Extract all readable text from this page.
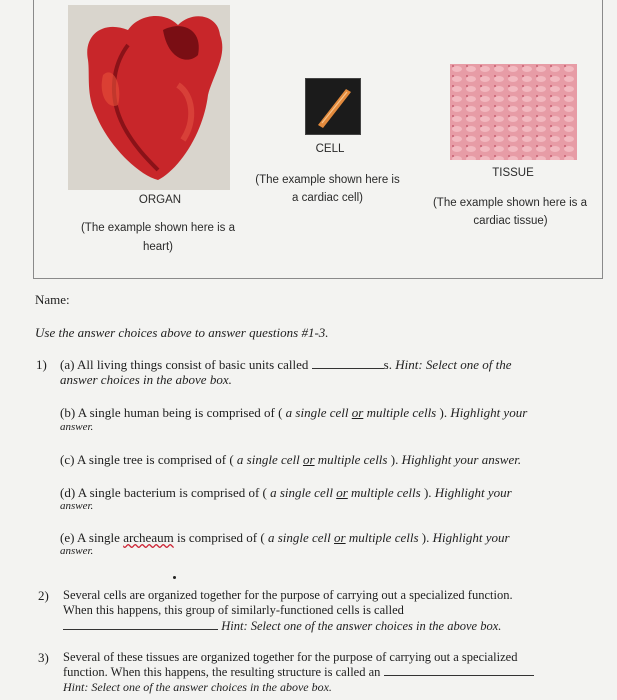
ORGAN
(The example shown here is a
heart)
CELL
(The example shown here is
a cardiac cell)
TISSUE
(The example shown here is a
cardiac tissue)
Name:
Use the answer choices above to answer questions #1-3.
1) (a) All living things consist of basic units called	s. Hint: Select one of the
answer choices in the above box.
(b) A single human being is comprised of ( a single cell or multiple cells ). Highlight your
answer.
(c) A single tree is comprised of ( a single cell or multiple cells ). Highlight your answer.
(d) A single bacterium is comprised of ( a single cell or multiple cells ). Highlight your
answer.
(e) A single archeaum is comprised of ( a single cell or multiple cells ). Highlight your
answer.
2) Several cells are organized together for the purpose of carrying out a specialized function.
When this happens, this group of similarly-functioned cells is called
Hint: Select one of the answer choices in the above box.
3) Several of these tissues are organized together for the purpose of carrying out a specialized
function. When this happens, the resulting structure is called an
Hint: Select one of the answer choices in the above box.
